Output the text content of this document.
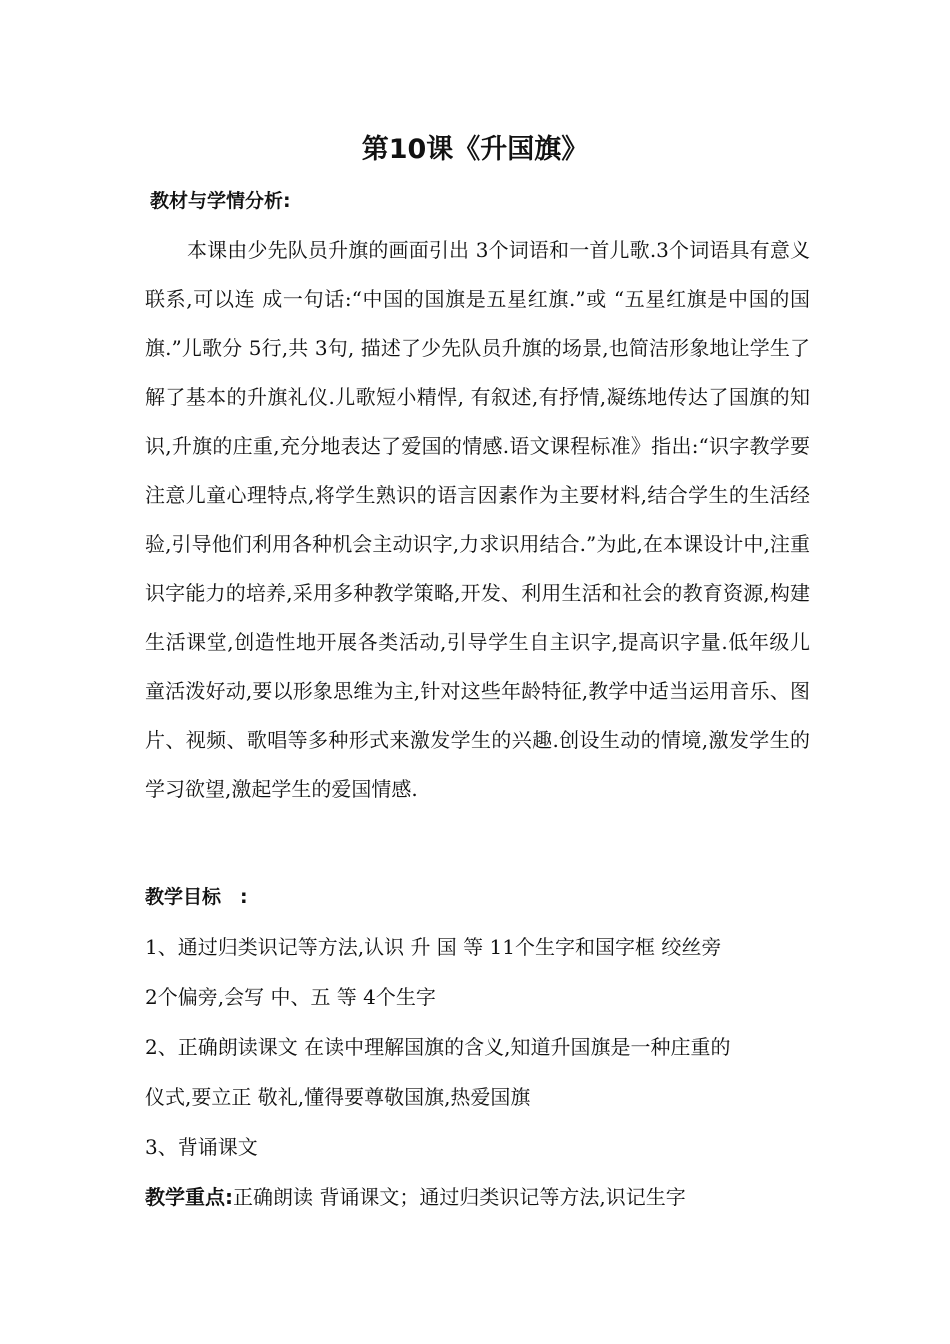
第10课《升国旗》
教材与学情分析:

本课由少先队员升旗的画面引出 3个词语和一首儿歌.3个词语具有意义联系,可以连 成一句话:“中国的国旗是五星红旗.”或 “五星红旗是中国的国旗.”儿歌分 5行,共 3句, 描述了少先队员升旗的场景,也简洁形象地让学生了解了基本的升旗礼仪.儿歌短小精悍, 有叙述,有抒情,凝练地传达了国旗的知识,升旗的庄重,充分地表达了爱国的情感.语文课程标准》指出:“识字教学要注意儿童心理特点,将学生熟识的语言因素作为主要材料,结合学生的生活经验,引导他们利用各种机会主动识字,力求识用结合.”为此,在本课设计中,注重识字能力的培养,采用多种教学策略,开发、利用生活和社会的教育资源,构建生活课堂,创造性地开展各类活动,引导学生自主识字,提高识字量.低年级儿童活泼好动,要以形象思维为主,针对这些年龄特征,教学中适当运用音乐、图片、视频、歌唱等多种形式来激发学生的兴趣.创设生动的情境,激发学生的学习欲望,激起学生的爱国情感.

教学目标　:
1、通过归类识记等方法,认识 升 国 等 11个生字和国字框 绞丝旁
2个偏旁,会写 中、五 等 4个生字
2、正确朗读课文 在读中理解国旗的含义,知道升国旗是一种庄重的
仪式,要立正 敬礼,懂得要尊敬国旗,热爱国旗
3、背诵课文
教学重点:正确朗读 背诵课文；通过归类识记等方法,识记生字
